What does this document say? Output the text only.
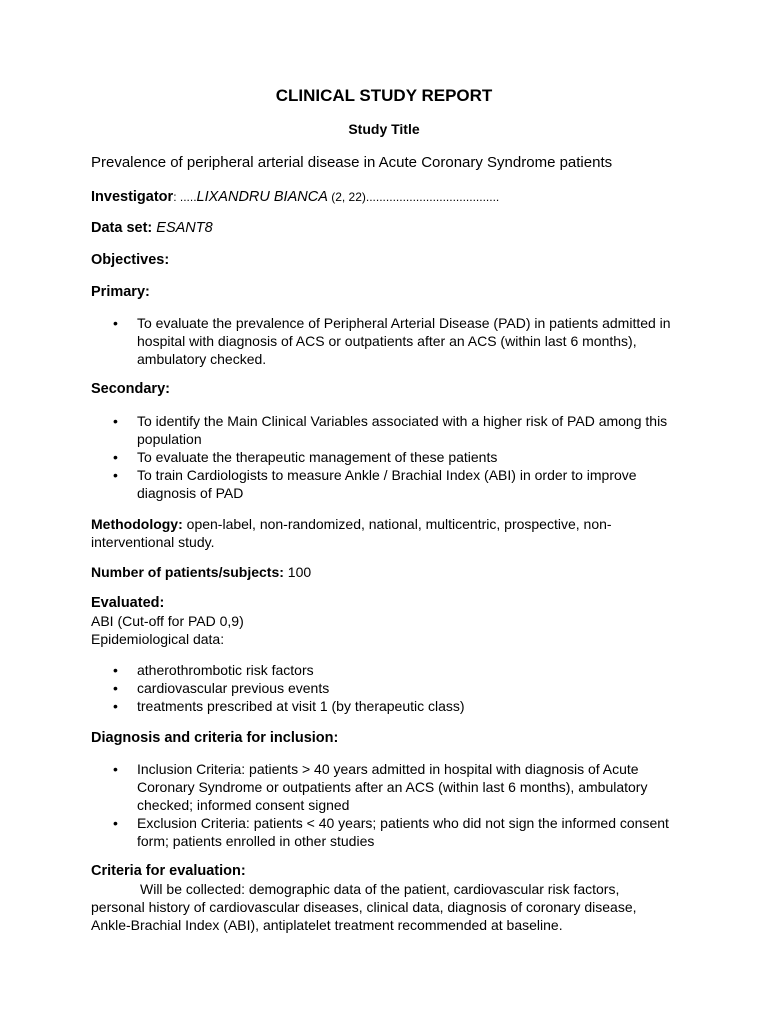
CLINICAL STUDY REPORT
Study Title
Prevalence of peripheral arterial disease in Acute Coronary Syndrome patients
Investigator: .....LIXANDRU BIANCA (2, 22)........................................
Data set: ESANT8
Objectives:
Primary:
• To evaluate the prevalence of Peripheral Arterial Disease (PAD) in patients admitted in hospital with diagnosis of ACS or outpatients after an ACS (within last 6 months), ambulatory checked.
Secondary:
• To identify the Main Clinical Variables associated with a higher risk of PAD among this population
• To evaluate the therapeutic management of these patients
• To train Cardiologists to measure Ankle / Brachial Index (ABI) in order to improve diagnosis of PAD
Methodology: open-label, non-randomized, national, multicentric, prospective, non-interventional study.
Number of patients/subjects: 100
Evaluated:
ABI (Cut-off for PAD 0,9)
Epidemiological data:
• atherothrombotic risk factors
• cardiovascular previous events
• treatments prescribed at visit 1 (by therapeutic class)
Diagnosis and criteria for inclusion:
• Inclusion Criteria: patients > 40 years admitted in hospital with diagnosis of Acute Coronary Syndrome or outpatients after an ACS (within last 6 months), ambulatory checked; informed consent signed
• Exclusion Criteria: patients < 40 years; patients who did not sign the informed consent form; patients enrolled in other studies
Criteria for evaluation:
Will be collected: demographic data of the patient, cardiovascular risk factors, personal history of cardiovascular diseases, clinical data, diagnosis of coronary disease, Ankle-Brachial Index (ABI), antiplatelet treatment recommended at baseline.
